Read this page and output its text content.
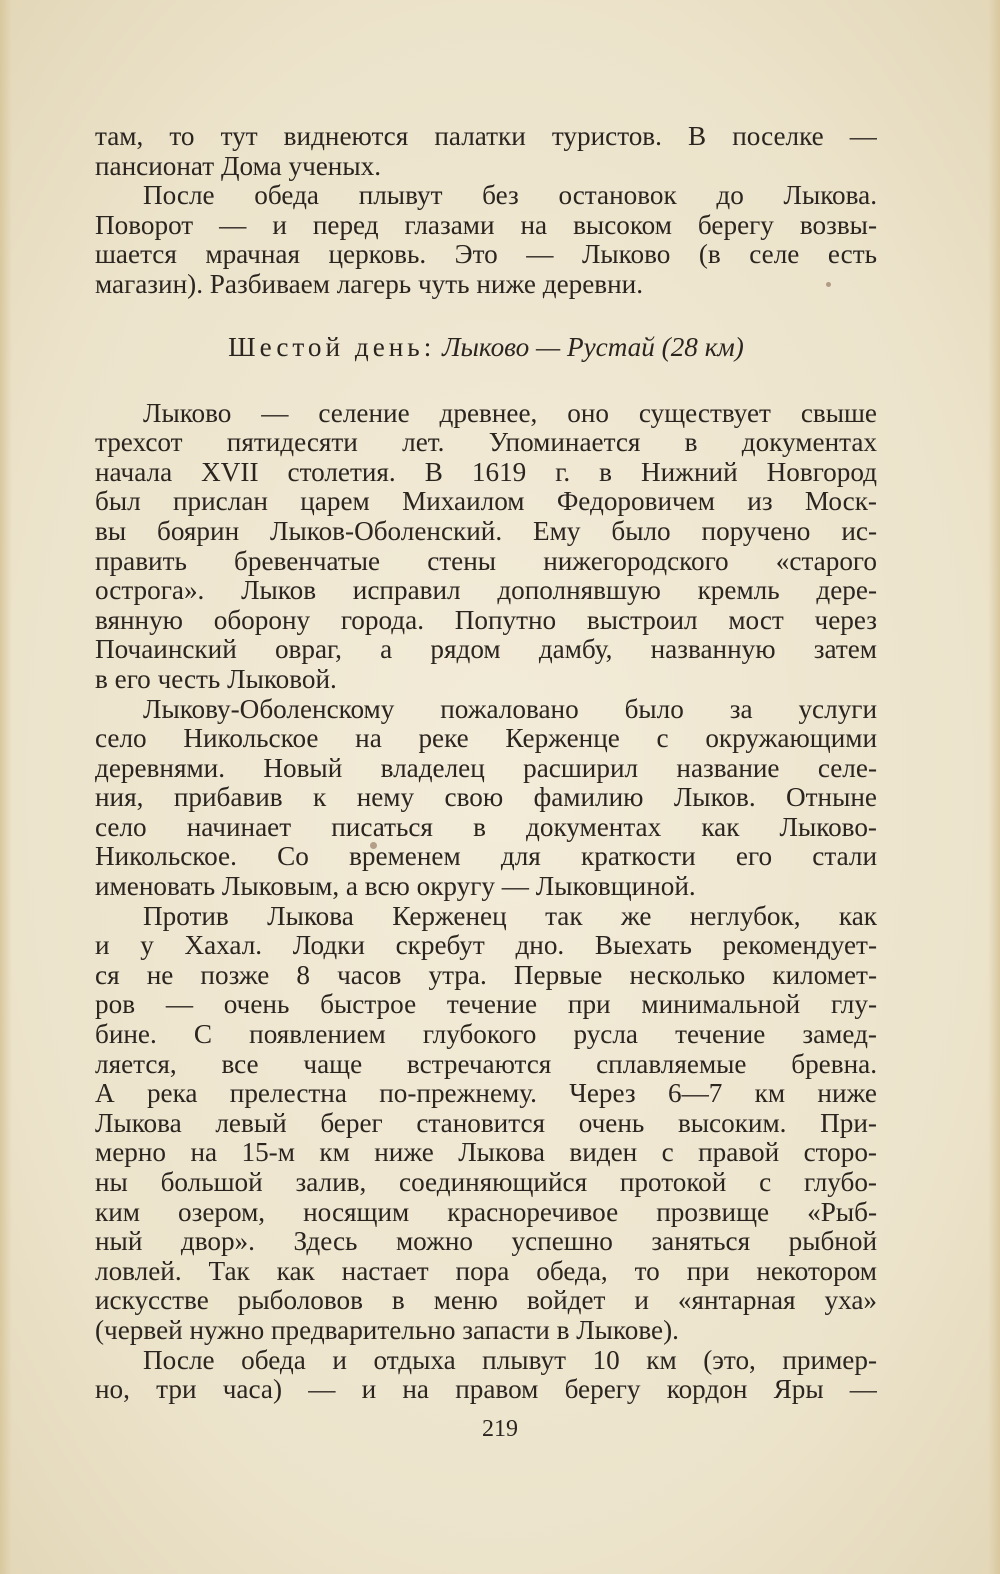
там, то тут виднеются палатки туристов. В поселке —
пансионат Дома ученых.
После обеда плывут без остановок до Лыкова.
Поворот — и перед глазами на высоком берегу возвы-
шается мрачная церковь. Это — Лыково (в селе есть
магазин). Разбиваем лагерь чуть ниже деревни.
Шестой день: Лыково — Рустай (28 км)
Лыково — селение древнее, оно существует свыше
трехсот пятидесяти лет. Упоминается в документах
начала XVII столетия. В 1619 г. в Нижний Новгород
был прислан царем Михаилом Федоровичем из Моск-
вы боярин Лыков-Оболенский. Ему было поручено ис-
править бревенчатые стены нижегородского «старого
острога». Лыков исправил дополнявшую кремль дере-
вянную оборону города. Попутно выстроил мост через
Почаинский овраг, а рядом дамбу, названную затем
в его честь Лыковой.
Лыкову-Оболенскому пожаловано было за услуги
село Никольское на реке Керженце с окружающими
деревнями. Новый владелец расширил название селе-
ния, прибавив к нему свою фамилию Лыков. Отныне
село начинает писаться в документах как Лыково-
Никольское. Со временем для краткости его стали
именовать Лыковым, а всю округу — Лыковщиной.
Против Лыкова Керженец так же неглубок, как
и у Хахал. Лодки скребут дно. Выехать рекомендует-
ся не позже 8 часов утра. Первые несколько километ-
ров — очень быстрое течение при минимальной глу-
бине. С появлением глубокого русла течение замед-
ляется, все чаще встречаются сплавляемые бревна.
А река прелестна по-прежнему. Через 6—7 км ниже
Лыкова левый берег становится очень высоким. При-
мерно на 15-м км ниже Лыкова виден с правой сторо-
ны большой залив, соединяющийся протокой с глубо-
ким озером, носящим красноречивое прозвище «Рыб-
ный двор». Здесь можно успешно заняться рыбной
ловлей. Так как настает пора обеда, то при некотором
искусстве рыболовов в меню войдет и «янтарная уха»
(червей нужно предварительно запасти в Лыкове).
После обеда и отдыха плывут 10 км (это, пример-
но, три часа) — и на правом берегу кордон Яры —
219
